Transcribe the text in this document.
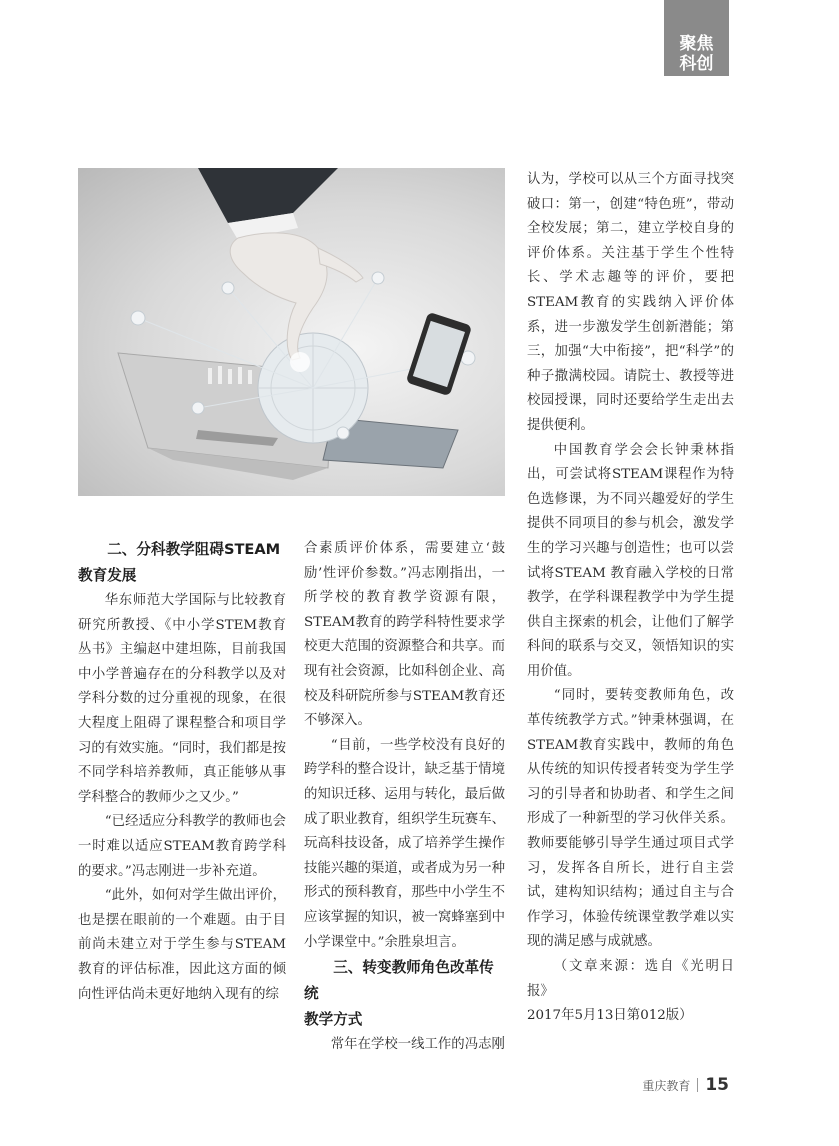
聚焦
科创
二、分科教学阻碍STEAM

教育发展

华东师范大学国际与比较教育研究所教授、《中小学STEM教育丛书》主编赵中建坦陈，目前我国中小学普遍存在的分科教学以及对学科分数的过分重视的现象，在很大程度上阻碍了课程整合和项目学习的有效实施。“同时，我们都是按不同学科培养教师，真正能够从事学科整合的教师少之又少。”

“已经适应分科教学的教师也会一时难以适应STEAM教育跨学科的要求。”冯志刚进一步补充道。

“此外，如何对学生做出评价，也是摆在眼前的一个难题。由于目前尚未建立对于学生参与STEAM教育的评估标准，因此这方面的倾向性评估尚未更好地纳入现有的综

合素质评价体系，需要建立‘鼓励’性评价参数。”冯志刚指出，一所学校的教育教学资源有限，STEAM教育的跨学科特性要求学校更大范围的资源整合和共享。而现有社会资源，比如科创企业、高校及科研院所参与STEAM教育还不够深入。

“目前，一些学校没有良好的跨学科的整合设计，缺乏基于情境的知识迁移、运用与转化，最后做成了职业教育，组织学生玩赛车、玩高科技设备，成了培养学生操作技能兴趣的渠道，或者成为另一种形式的预科教育，那些中小学生不应该掌握的知识，被一窝蜂塞到中小学课堂中。”余胜泉坦言。

三、转变教师角色改革传统
教学方式

常年在学校一线工作的冯志刚

认为，学校可以从三个方面寻找突破口：第一，创建“特色班”，带动全校发展；第二，建立学校自身的评价体系。关注基于学生个性特长、学术志趣等的评价，要把STEAM教育的实践纳入评价体系，进一步激发学生创新潜能；第三，加强“大中衔接”，把“科学”的种子撒满校园。请院士、教授等进校园授课，同时还要给学生走出去提供便利。

中国教育学会会长钟秉林指出，可尝试将STEAM课程作为特色选修课，为不同兴趣爱好的学生提供不同项目的参与机会，激发学生的学习兴趣与创造性；也可以尝试将STEAM 教育融入学校的日常教学，在学科课程教学中为学生提供自主探索的机会，让他们了解学科间的联系与交叉，领悟知识的实用价值。

“同时，要转变教师角色，改革传统教学方式。”钟秉林强调，在STEAM教育实践中，教师的角色从传统的知识传授者转变为学生学习的引导者和协助者、和学生之间形成了一种新型的学习伙伴关系。教师要能够引导学生通过项目式学习，发挥各自所长，进行自主尝试，建构知识结构；通过自主与合作学习，体验传统课堂教学难以实现的满足感与成就感。

（文章来源：选自《光明日报》

2017年5月13日第012版）

重庆教育 15
